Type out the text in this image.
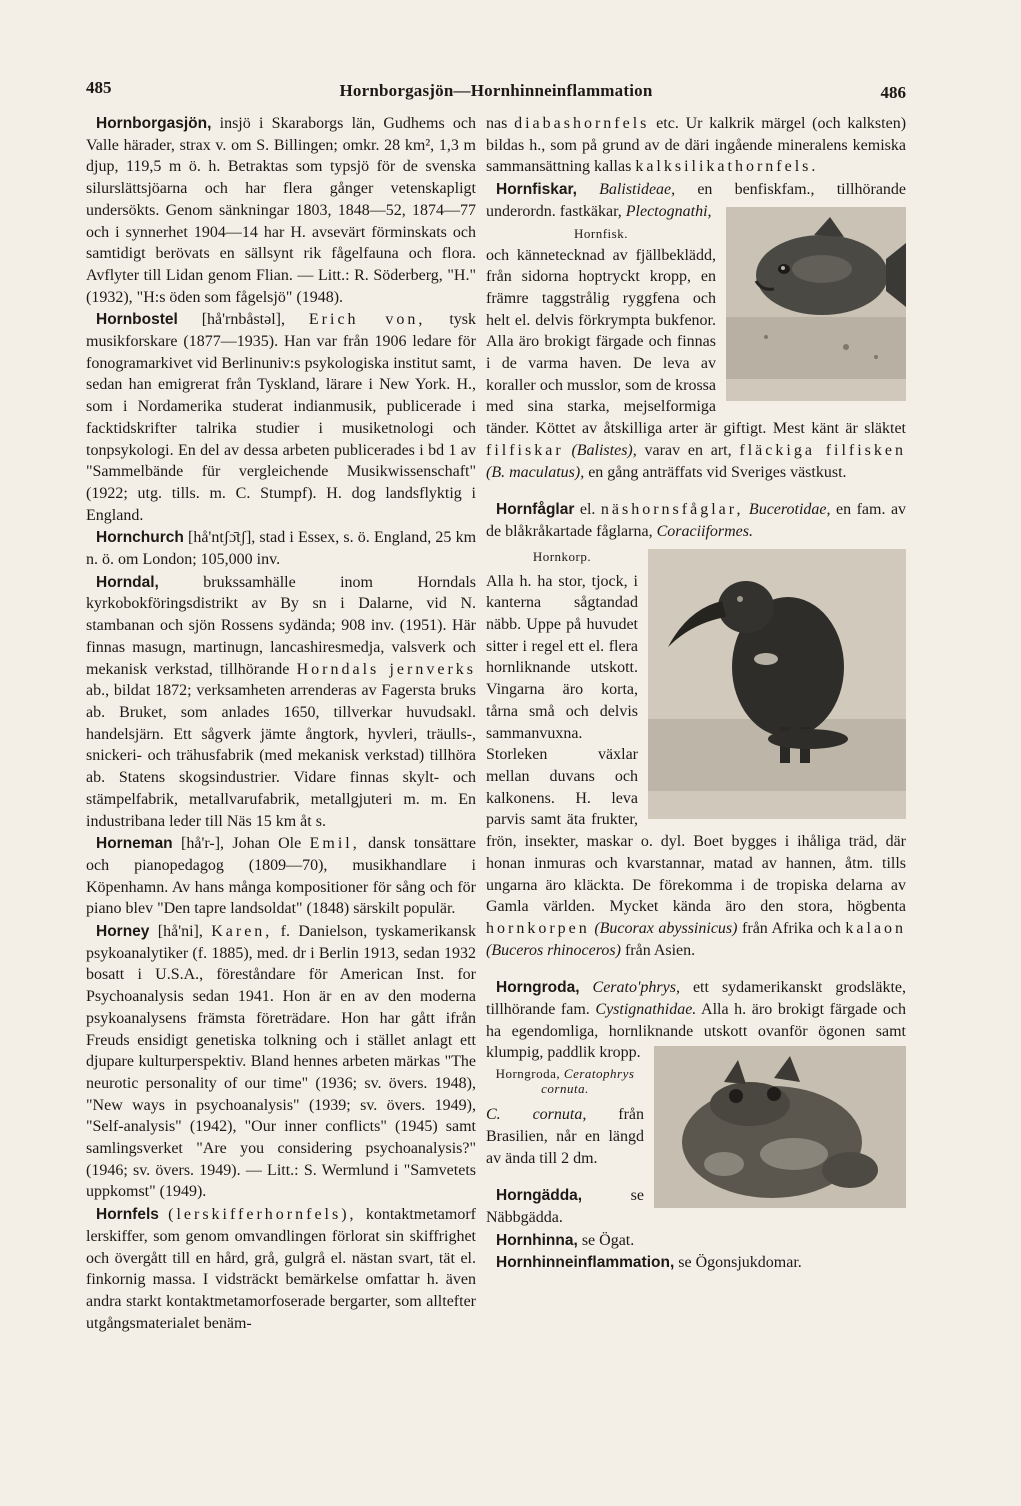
485	Hornborgasjön—Hornhinneinflammation	486

Hornborgasjön, insjö i Skaraborgs län, Gudhems och Valle härader, strax v. om S. Billingen; omkr. 28 km², 1,3 m djup, 119,5 m ö. h. Betraktas som typsjö för de svenska silurslättsjöarna och har flera gånger vetenskapligt undersökts. Genom sänkningar 1803, 1848—52, 1874—77 och i synnerhet 1904—14 har H. avsevärt förminskats och samtidigt berövats en sällsynt rik fågelfauna och flora. Avflyter till Lidan genom Flian. — Litt.: R. Söderberg, "H." (1932), "H:s öden som fågelsjö" (1948).

Hornbostel [hå'rnbåstəl], Erich von, tysk musikforskare (1877—1935). Han var från 1906 ledare för fonogramarkivet vid Berlinuniv:s psykologiska institut samt, sedan han emigrerat från Tyskland, lärare i New York. H., som i Nordamerika studerat indianmusik, publicerade i facktidskrifter talrika studier i musiketnologi och tonpsykologi. En del av dessa arbeten publicerades i bd 1 av "Sammelbände für vergleichende Musikwissenschaft" (1922; utg. tills. m. C. Stumpf). H. dog landsflyktig i England.

Hornchurch [hå'ntʃɔ̄tʃ], stad i Essex, s. ö. England, 25 km n. ö. om London; 105,000 inv.

Horndal,	brukssamhälle inom Horndals kyrkobokföringsdistrikt av By sn i Dalarne, vid N. stambanan och sjön Rossens sydända; 908 inv. (1951). Här finnas masugn, martinugn, lancashiresmedja, valsverk och mekanisk verkstad, tillhörande Horndals jernverks ab., bildat 1872; verksamheten arrenderas av Fagersta bruks ab. Bruket, som anlades 1650, tillverkar huvudsakl. handelsjärn. Ett sågverk jämte ångtork, hyvleri, träulls-, snickeri- och trähusfabrik (med mekanisk verkstad) tillhöra ab. Statens skogsindustrier. Vidare finnas skylt- och stämpelfabrik, metallvarufabrik, metallgjuteri m. m. En industribana leder till Näs 15 km åt s.

Horneman [hå'r-], Johan Ole Emil, dansk tonsättare och pianopedagog (1809—70), musikhandlare i Köpenhamn. Av hans många kompositioner för sång och för piano blev "Den tapre landsoldat" (1848) särskilt populär.

Horney [hå'ni], Karen, f. Danielson, tyskamerikansk psykoanalytiker (f. 1885), med. dr i Berlin 1913, sedan 1932 bosatt i U.S.A., föreståndare för American Inst. for Psychoanalysis sedan 1941. Hon är en av den moderna psykoanalysens främsta företrädare. Hon har gått ifrån Freuds ensidigt genetiska tolkning och i stället anlagt ett djupare kulturperspektiv. Bland hennes arbeten märkas "The neurotic personality of our time" (1936; sv. övers. 1948), "New ways in psychoanalysis" (1939; sv. övers. 1949), "Self-analysis" (1942), "Our inner conflicts" (1945) samt samlingsverket "Are you considering psychoanalysis?" (1946; sv. övers. 1949). — Litt.: S. Wermlund i "Samvetets uppkomst" (1949).

Hornfels (lerskifferhornfels), kontaktmetamorf lerskiffer, som genom omvandlingen förlorat sin skiffrighet och övergått till en hård, grå, gulgrå el. nästan svart, tät el. finkornig massa. I vidsträckt bemärkelse omfattar h. även andra starkt kontaktmetamorfoserade bergarter, som alltefter utgångsmaterialet benäm-

nas diabashornfels etc. Ur kalkrik märgel (och kalksten) bildas h., som på grund av de däri ingående mineralens kemiska sammansättning kallas kalksilikathornfels.

Hornfiskar, Balistideae, en benfiskfam., tillhörande underordn. fastkäkar, Plectognathi,

Hornfisk.
och kännetecknad av fjällbeklädd, från sidorna hoptryckt kropp, en främre taggstrålig ryggfena och helt el. delvis förkrympta bukfenor. Alla äro brokigt färgade och finnas i de varma haven. De leva av koraller och musslor, som de krossa med sina starka, mejselformiga tänder. Köttet av åtskilliga arter är giftigt. Mest känt är släktet filfiskar (Balistes), varav en art, fläckiga filfisken (B. maculatus), en gång anträffats vid Sveriges västkust.

Hornfåglar el. näshornsfåglar, Bucerotidae, en fam. av de blåkråkartade fåglarna, Coraciiformes.

Hornkorp.
Alla h. ha stor, tjock, i kanterna sågtandad näbb. Uppe på huvudet sitter i regel ett el. flera hornliknande utskott. Vingarna äro korta, tårna små och delvis sammanvuxna. Storleken växlar mellan duvans och kalkonens. H. leva parvis samt äta frukter, frön, insekter, maskar o. dyl. Boet bygges i ihåliga träd, där honan inmuras och kvarstannar, matad av hannen, åtm. tills ungarna äro kläckta. De förekomma i de tropiska delarna av Gamla världen. Mycket kända äro den stora, högbenta hornkorpen (Bucorax abyssinicus) från Afrika och kalaon (Buceros rhinoceros) från Asien.

Horngroda, Cerato'phrys, ett sydamerikanskt grodsläkte, tillhörande fam. Cystignathidae. Alla h. äro brokigt färgade och ha egendomliga, hornliknande utskott ovanför ögonen samt klumpig, paddlik kropp.

Horngroda, Ceratophrys cornuta.
C. cornuta, från Brasilien, når en längd av ända till 2 dm.

Horngädda,	se Näbbgädda.

Hornhinna, se Ögat.

Hornhinneinflammation, se Ögonsjukdomar.
